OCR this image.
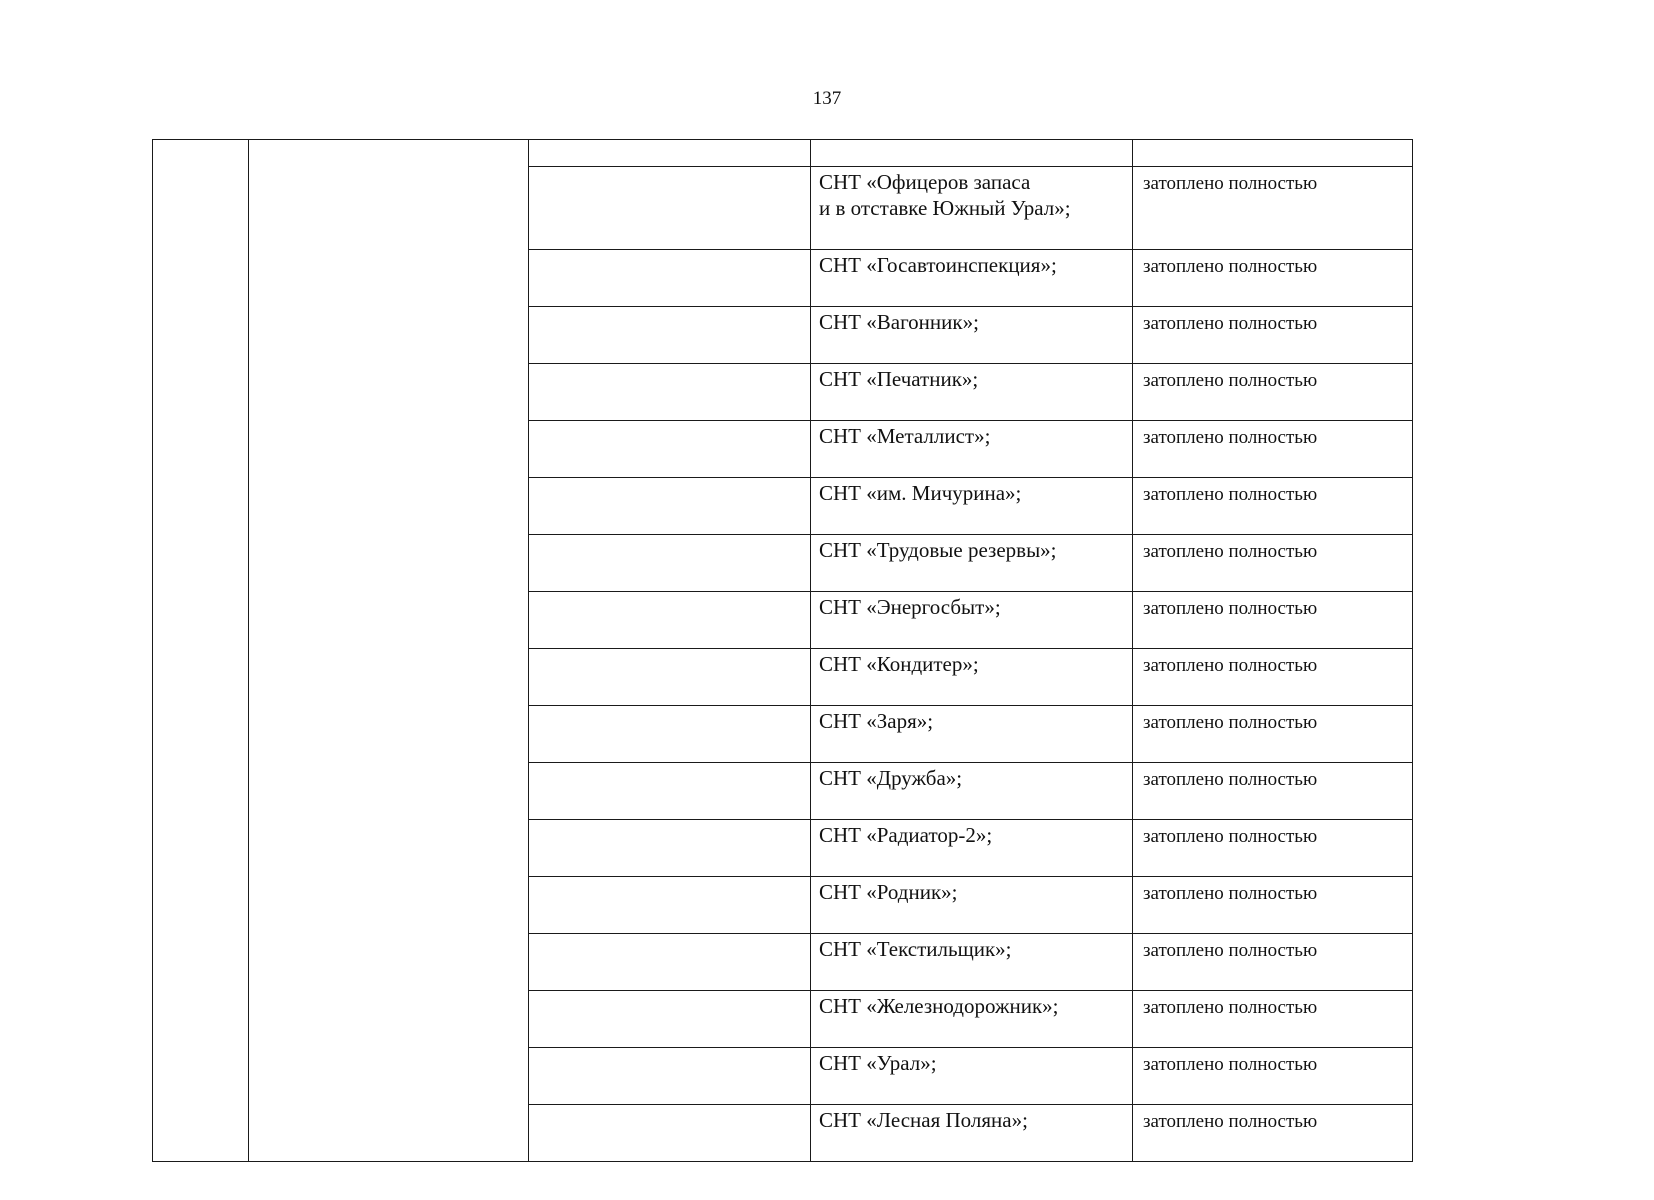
137

			СНТ «Офицеров запаса
и в отставке Южный Урал»;	затоплено полностью
			СНТ «Госавтоинспекция»;	затоплено полностью
			СНТ «Вагонник»;	затоплено полностью
			СНТ «Печатник»;	затоплено полностью
			СНТ «Металлист»;	затоплено полностью
			СНТ «им. Мичурина»;	затоплено полностью
			СНТ «Трудовые резервы»;	затоплено полностью
			СНТ «Энергосбыт»;	затоплено полностью
			СНТ «Кондитер»;	затоплено полностью
			СНТ «Заря»;	затоплено полностью
			СНТ «Дружба»;	затоплено полностью
			СНТ «Радиатор-2»;	затоплено полностью
			СНТ «Родник»;	затоплено полностью
			СНТ «Текстильщик»;	затоплено полностью
			СНТ «Железнодорожник»;	затоплено полностью
			СНТ «Урал»;	затоплено полностью
			СНТ «Лесная Поляна»;	затоплено полностью
